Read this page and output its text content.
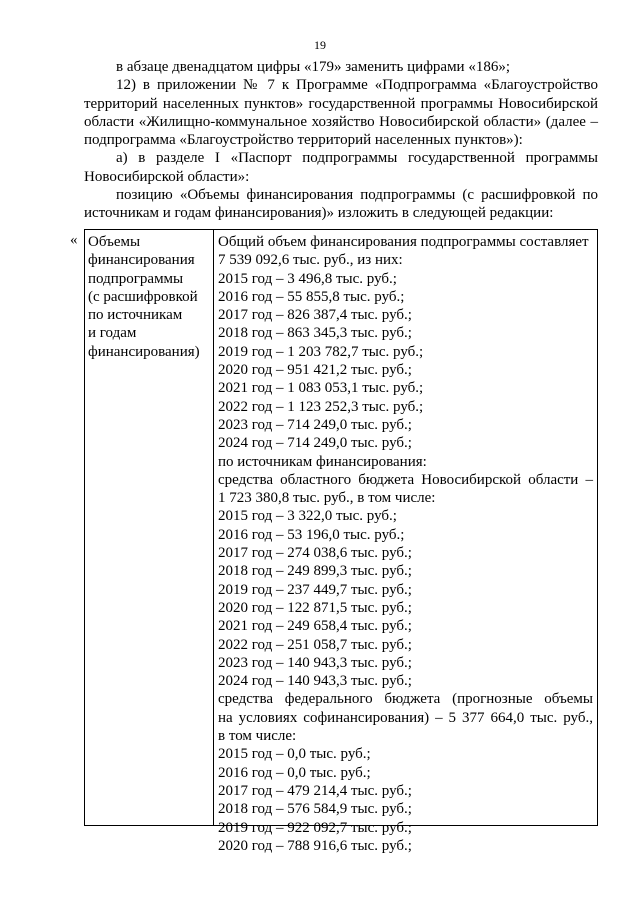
19

в абзаце двенадцатом цифры «179» заменить цифрами «186»;

12) в приложении № 7 к Программе «Подпрограмма «Благоустройство территорий населенных пунктов» государственной программы Новосибирской области «Жилищно-коммунальное хозяйство Новосибирской области» (далее – подпрограмма «Благоустройство территорий населенных пунктов»):

а) в разделе I «Паспорт подпрограммы государственной программы Новосибирской области»:

позицию «Объемы финансирования подпрограммы (с расшифровкой по источникам и годам финансирования)» изложить в следующей редакции:

« Объемы
финансирования
подпрограммы
(с расшифровкой
по источникам
и годам
финансирования)
Общий объем финансирования подпрограммы составляет
7 539 092,6 тыс. руб., из них:
2015 год – 3 496,8 тыс. руб.;
2016 год – 55 855,8 тыс. руб.;
2017 год – 826 387,4 тыс. руб.;
2018 год – 863 345,3 тыс. руб.;
2019 год – 1 203 782,7 тыс. руб.;
2020 год – 951 421,2 тыс. руб.;
2021 год – 1 083 053,1 тыс. руб.;
2022 год – 1 123 252,3 тыс. руб.;
2023 год – 714 249,0 тыс. руб.;
2024 год – 714 249,0 тыс. руб.;
по источникам финансирования:
средства областного бюджета Новосибирской области –
1 723 380,8 тыс. руб., в том числе:
2015 год – 3 322,0 тыс. руб.;
2016 год – 53 196,0 тыс. руб.;
2017 год – 274 038,6 тыс. руб.;
2018 год – 249 899,3 тыс. руб.;
2019 год – 237 449,7 тыс. руб.;
2020 год – 122 871,5 тыс. руб.;
2021 год – 249 658,4 тыс. руб.;
2022 год – 251 058,7 тыс. руб.;
2023 год – 140 943,3 тыс. руб.;
2024 год – 140 943,3 тыс. руб.;
средства федерального бюджета (прогнозные объемы
на условиях софинансирования) – 5 377 664,0 тыс. руб.,
в том числе:
2015 год – 0,0 тыс. руб.;
2016 год – 0,0 тыс. руб.;
2017 год – 479 214,4 тыс. руб.;
2018 год – 576 584,9 тыс. руб.;
2019 год – 922 092,7 тыс. руб.;
2020 год – 788 916,6 тыс. руб.;
